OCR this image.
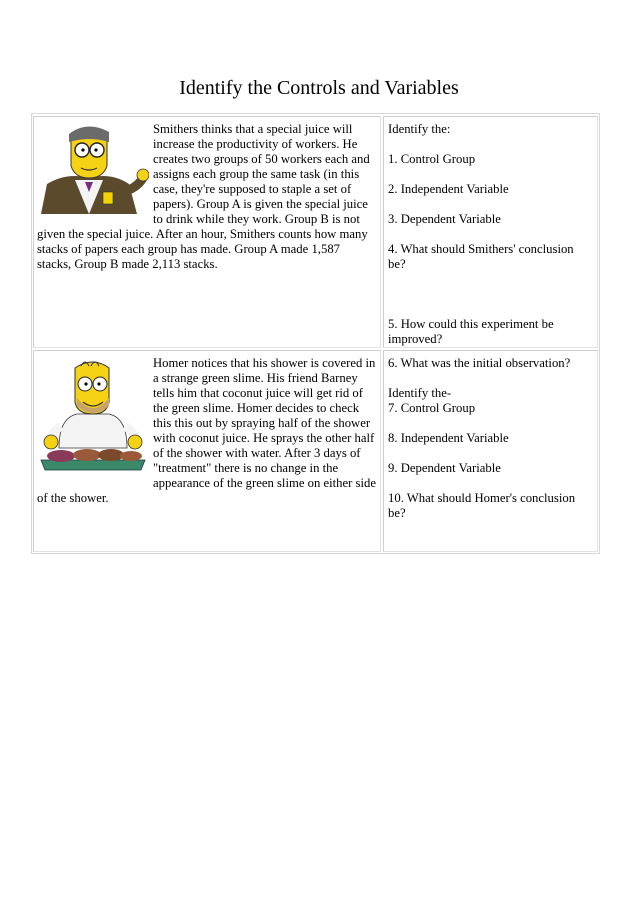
Identify the Controls and Variables
Smithers thinks that a special juice will increase the productivity of workers. He creates two groups of 50 workers each and assigns each group the same task (in this case, they're supposed to staple a set of papers). Group A is given the special juice to drink while they work. Group B is not given the special juice. After an hour, Smithers counts how many stacks of papers each group has made. Group A made 1,587 stacks, Group B made 2,113 stacks.

Identify the:

1. Control Group

2. Independent Variable

3. Dependent Variable

4. What should Smithers' conclusion be?

5. How could this experiment be improved?

Homer notices that his shower is covered in a strange green slime. His friend Barney tells him that coconut juice will get rid of the green slime. Homer decides to check this this out by spraying half of the shower with coconut juice. He sprays the other half of the shower with water. After 3 days of "treatment" there is no change in the appearance of the green slime on either side of the shower.

6. What was the initial observation?

Identify the-

7. Control Group

8. Independent Variable

9. Dependent Variable

10. What should Homer's conclusion be?
